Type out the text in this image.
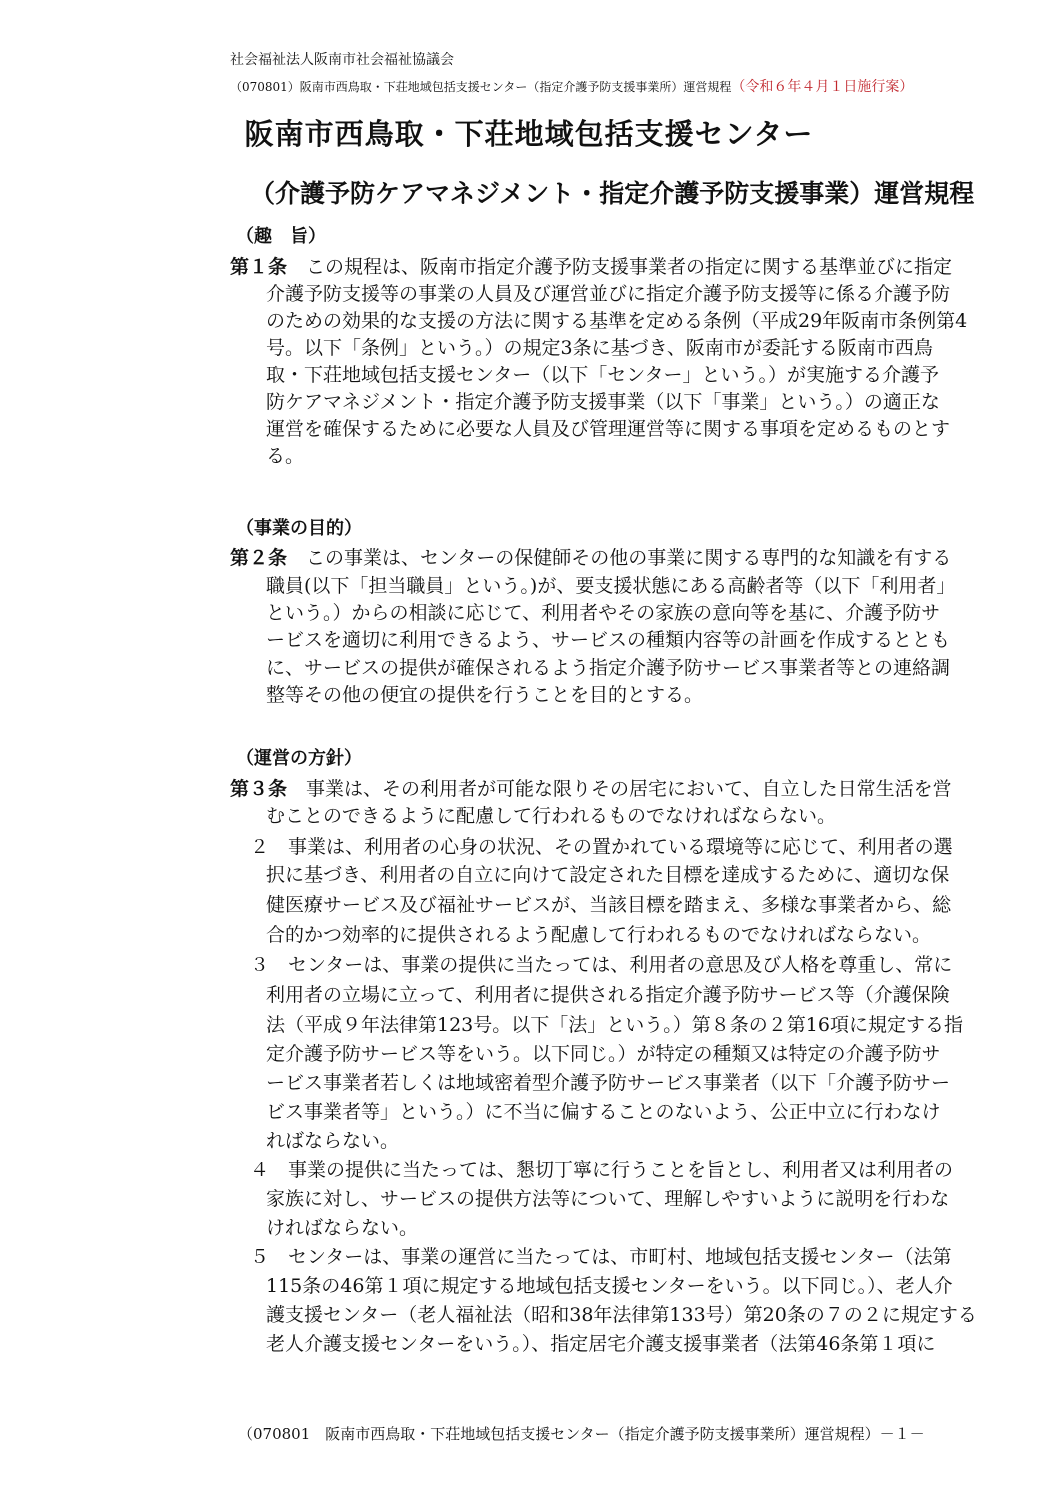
社会福祉法人阪南市社会福祉協議会
（070801）阪南市西鳥取・下荘地域包括支援センター（指定介護予防支援事業所）運営規程（令和６年４月１日施行案）
阪南市西鳥取・下荘地域包括支援センター
（介護予防ケアマネジメント・指定介護予防支援事業）運営規程
（趣　旨）
第１条　 この規程は、阪南市指定介護予防支援事業者の指定に関する基準並びに指定
介護予防支援等の事業の人員及び運営並びに指定介護予防支援等に係る介護予防
のための効果的な支援の方法に関する基準を定める条例（平成29年阪南市条例第4
号。以下「条例」という。）の規定3条に基づき、阪南市が委託する阪南市西鳥
取・下荘地域包括支援センター（以下「センター」という。）が実施する介護予
防ケアマネジメント・指定介護予防支援事業（以下「事業」という。）の適正な
運営を確保するために必要な人員及び管理運営等に関する事項を定めるものとす
る。
（事業の目的）
第２条　 この事業は、センターの保健師その他の事業に関する専門的な知識を有する
職員(以下「担当職員」という。)が、要支援状態にある高齢者等（以下「利用者」
という。）からの相談に応じて、利用者やその家族の意向等を基に、介護予防サ
ービスを適切に利用できるよう、サービスの種類内容等の計画を作成するととも
に、サービスの提供が確保されるよう指定介護予防サービス事業者等との連絡調
整等その他の便宜の提供を行うことを目的とする。
（運営の方針）
第３条　 事業は、その利用者が可能な限りその居宅において、自立した日常生活を営
むことのできるように配慮して行われるものでなければならない。
２　事業は、利用者の心身の状況、その置かれている環境等に応じて、利用者の選
択に基づき、利用者の自立に向けて設定された目標を達成するために、適切な保
健医療サービス及び福祉サービスが、当該目標を踏まえ、多様な事業者から、総
合的かつ効率的に提供されるよう配慮して行われるものでなければならない。
３　センターは、事業の提供に当たっては、利用者の意思及び人格を尊重し、常に
利用者の立場に立って、利用者に提供される指定介護予防サービス等（介護保険
法（平成９年法律第123号。以下「法」という。）第８条の２第16項に規定する指
定介護予防サービス等をいう。以下同じ。）が特定の種類又は特定の介護予防サ
ービス事業者若しくは地域密着型介護予防サービス事業者（以下「介護予防サー
ビス事業者等」という。）に不当に偏することのないよう、公正中立に行わなけ
ればならない。
４　事業の提供に当たっては、懇切丁寧に行うことを旨とし、利用者又は利用者の
家族に対し、サービスの提供方法等について、理解しやすいように説明を行わな
ければならない。
５　センターは、事業の運営に当たっては、市町村、地域包括支援センター（法第
115条の46第１項に規定する地域包括支援センターをいう。以下同じ。）、老人介
護支援センター（老人福祉法（昭和38年法律第133号）第20条の７の２に規定する
老人介護支援センターをいう。）、指定居宅介護支援事業者（法第46条第１項に
（070801　阪南市西鳥取・下荘地域包括支援センター（指定介護予防支援事業所）運営規程）－１－
